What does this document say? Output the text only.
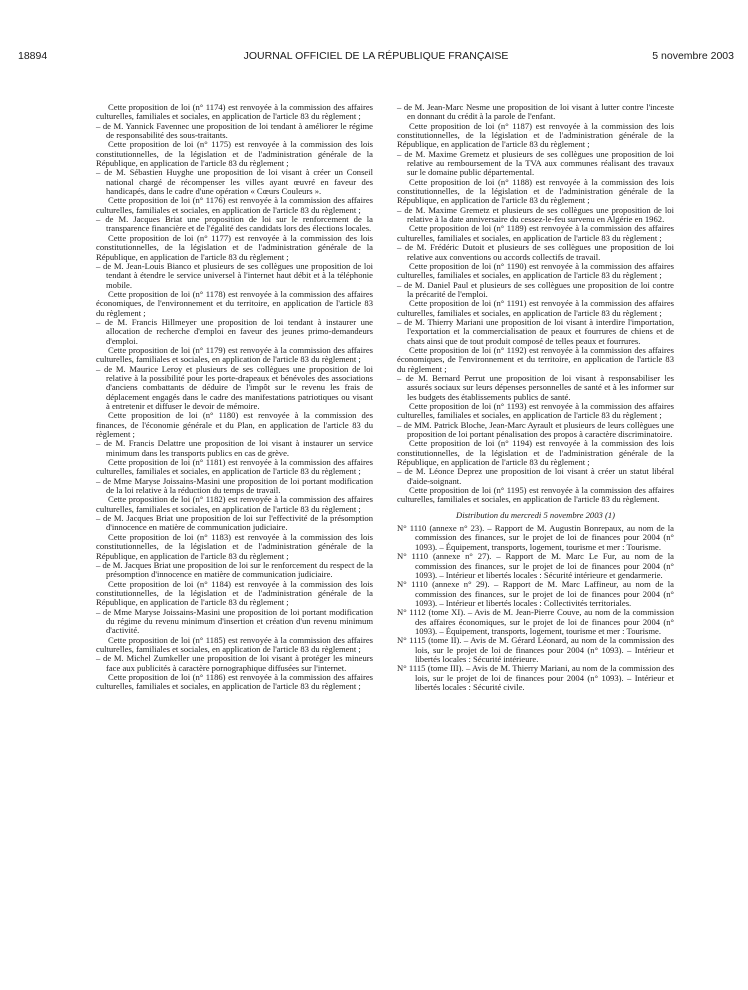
18894	JOURNAL OFFICIEL DE LA RÉPUBLIQUE FRANÇAISE	5 novembre 2003

Cette proposition de loi (n° 1174) est renvoyée à la commission des affaires culturelles, familiales et sociales, en application de l'article 83 du règlement ;

– de M. Yannick Favennec une proposition de loi tendant à améliorer le régime de responsabilité des sous-traitants.

Cette proposition de loi (n° 1175) est renvoyée à la commission des lois constitutionnelles, de la législation et de l'administration générale de la République, en application de l'article 83 du règlement ;

– de M. Sébastien Huyghe une proposition de loi visant à créer un Conseil national chargé de récompenser les villes ayant œuvré en faveur des handicapés, dans le cadre d'une opération « Cœurs Couleurs ».

Cette proposition de loi (n° 1176) est renvoyée à la commission des affaires culturelles, familiales et sociales, en application de l'article 83 du règlement ;

– de M. Jacques Briat une proposition de loi sur le renforcement de la transparence financière et de l'égalité des candidats lors des élections locales.

Cette proposition de loi (n° 1177) est renvoyée à la commission des lois constitutionnelles, de la législation et de l'administration générale de la République, en application de l'article 83 du règlement ;

– de M. Jean-Louis Bianco et plusieurs de ses collègues une proposition de loi tendant à étendre le service universel à l'internet haut débit et à la téléphonie mobile.

Cette proposition de loi (n° 1178) est renvoyée à la commission des affaires économiques, de l'environnement et du territoire, en application de l'article 83 du règlement ;

– de M. Francis Hillmeyer une proposition de loi tendant à instaurer une allocation de recherche d'emploi en faveur des jeunes primo-demandeurs d'emploi.

Cette proposition de loi (n° 1179) est renvoyée à la commission des affaires culturelles, familiales et sociales, en application de l'article 83 du règlement ;

– de M. Maurice Leroy et plusieurs de ses collègues une proposition de loi relative à la possibilité pour les porte-drapeaux et bénévoles des associations d'anciens combattants de déduire de l'impôt sur le revenu les frais de déplacement engagés dans le cadre des manifestations patriotiques ou visant à entretenir et diffuser le devoir de mémoire.

Cette proposition de loi (n° 1180) est renvoyée à la commission des finances, de l'économie générale et du Plan, en application de l'article 83 du règlement ;

– de M. Francis Delattre une proposition de loi visant à instaurer un service minimum dans les transports publics en cas de grève.

Cette proposition de loi (n° 1181) est renvoyée à la commission des affaires culturelles, familiales et sociales, en application de l'article 83 du règlement ;

– de Mme Maryse Joissains-Masini une proposition de loi portant modification de la loi relative à la réduction du temps de travail.

Cette proposition de loi (n° 1182) est renvoyée à la commission des affaires culturelles, familiales et sociales, en application de l'article 83 du règlement ;

– de M. Jacques Briat une proposition de loi sur l'effectivité de la présomption d'innocence en matière de communication judiciaire.

Cette proposition de loi (n° 1183) est renvoyée à la commission des lois constitutionnelles, de la législation et de l'administration générale de la République, en application de l'article 83 du règlement ;

– de M. Jacques Briat une proposition de loi sur le renforcement du respect de la présomption d'innocence en matière de communication judiciaire.

Cette proposition de loi (n° 1184) est renvoyée à la commission des lois constitutionnelles, de la législation et de l'administration générale de la République, en application de l'article 83 du règlement ;

– de Mme Maryse Joissains-Masini une proposition de loi portant modification du régime du revenu minimum d'insertion et création d'un revenu minimum d'activité.

Cette proposition de loi (n° 1185) est renvoyée à la commission des affaires culturelles, familiales et sociales, en application de l'article 83 du règlement ;

– de M. Michel Zumkeller une proposition de loi visant à protéger les mineurs face aux publicités à caractère pornographique diffusées sur l'internet.

Cette proposition de loi (n° 1186) est renvoyée à la commission des affaires culturelles, familiales et sociales, en application de l'article 83 du règlement ;

– de M. Jean-Marc Nesme une proposition de loi visant à lutter contre l'inceste en donnant du crédit à la parole de l'enfant.

Cette proposition de loi (n° 1187) est renvoyée à la commission des lois constitutionnelles, de la législation et de l'administration générale de la République, en application de l'article 83 du règlement ;

– de M. Maxime Gremetz et plusieurs de ses collègues une proposition de loi relative au remboursement de la TVA aux communes réalisant des travaux sur le domaine public départemental.

Cette proposition de loi (n° 1188) est renvoyée à la commission des lois constitutionnelles, de la législation et de l'administration générale de la République, en application de l'article 83 du règlement ;

– de M. Maxime Gremetz et plusieurs de ses collègues une proposition de loi relative à la date anniversaire du cessez-le-feu survenu en Algérie en 1962.

Cette proposition de loi (n° 1189) est renvoyée à la commission des affaires culturelles, familiales et sociales, en application de l'article 83 du règlement ;

– de M. Frédéric Dutoit et plusieurs de ses collègues une proposition de loi relative aux conventions ou accords collectifs de travail.

Cette proposition de loi (n° 1190) est renvoyée à la commission des affaires culturelles, familiales et sociales, en application de l'article 83 du règlement ;

– de M. Daniel Paul et plusieurs de ses collègues une proposition de loi contre la précarité de l'emploi.

Cette proposition de loi (n° 1191) est renvoyée à la commission des affaires culturelles, familiales et sociales, en application de l'article 83 du règlement ;

– de M. Thierry Mariani une proposition de loi visant à interdire l'importation, l'exportation et la commercialisation de peaux et fourrures de chiens et de chats ainsi que de tout produit composé de telles peaux et fourrures.

Cette proposition de loi (n° 1192) est renvoyée à la commission des affaires économiques, de l'environnement et du territoire, en application de l'article 83 du règlement ;

– de M. Bernard Perrut une proposition de loi visant à responsabiliser les assurés sociaux sur leurs dépenses personnelles de santé et à les informer sur les budgets des établissements publics de santé.

Cette proposition de loi (n° 1193) est renvoyée à la commission des affaires culturelles, familiales et sociales, en application de l'article 83 du règlement ;

– de MM. Patrick Bloche, Jean-Marc Ayrault et plusieurs de leurs collègues une proposition de loi portant pénalisation des propos à caractère discriminatoire.

Cette proposition de loi (n° 1194) est renvoyée à la commission des lois constitutionnelles, de la législation et de l'administration générale de la République, en application de l'article 83 du règlement ;

– de M. Léonce Deprez une proposition de loi visant à créer un statut libéral d'aide-soignant.

Cette proposition de loi (n° 1195) est renvoyée à la commission des affaires culturelles, familiales et sociales, en application de l'article 83 du règlement.

Distribution du mercredi 5 novembre 2003 (1)

N° 1110 (annexe n° 23). – Rapport de M. Augustin Bonrepaux, au nom de la commission des finances, sur le projet de loi de finances pour 2004 (n° 1093). – Équipement, transports, logement, tourisme et mer : Tourisme.

N° 1110 (annexe n° 27). – Rapport de M. Marc Le Fur, au nom de la commission des finances, sur le projet de loi de finances pour 2004 (n° 1093). – Intérieur et libertés locales : Sécurité intérieure et gendarmerie.

N° 1110 (annexe n° 29). – Rapport de M. Marc Laffineur, au nom de la commission des finances, sur le projet de loi de finances pour 2004 (n° 1093). – Intérieur et libertés locales : Collectivités territoriales.

N° 1112 (tome XI). – Avis de M. Jean-Pierre Couve, au nom de la commission des affaires économiques, sur le projet de loi de finances pour 2004 (n° 1093). – Équipement, transports, logement, tourisme et mer : Tourisme.

N° 1115 (tome II). – Avis de M. Gérard Léonard, au nom de la commission des lois, sur le projet de loi de finances pour 2004 (n° 1093). – Intérieur et libertés locales : Sécurité intérieure.

N° 1115 (tome III). – Avis de M. Thierry Mariani, au nom de la commission des lois, sur le projet de loi de finances pour 2004 (n° 1093). – Intérieur et libertés locales : Sécurité civile.
